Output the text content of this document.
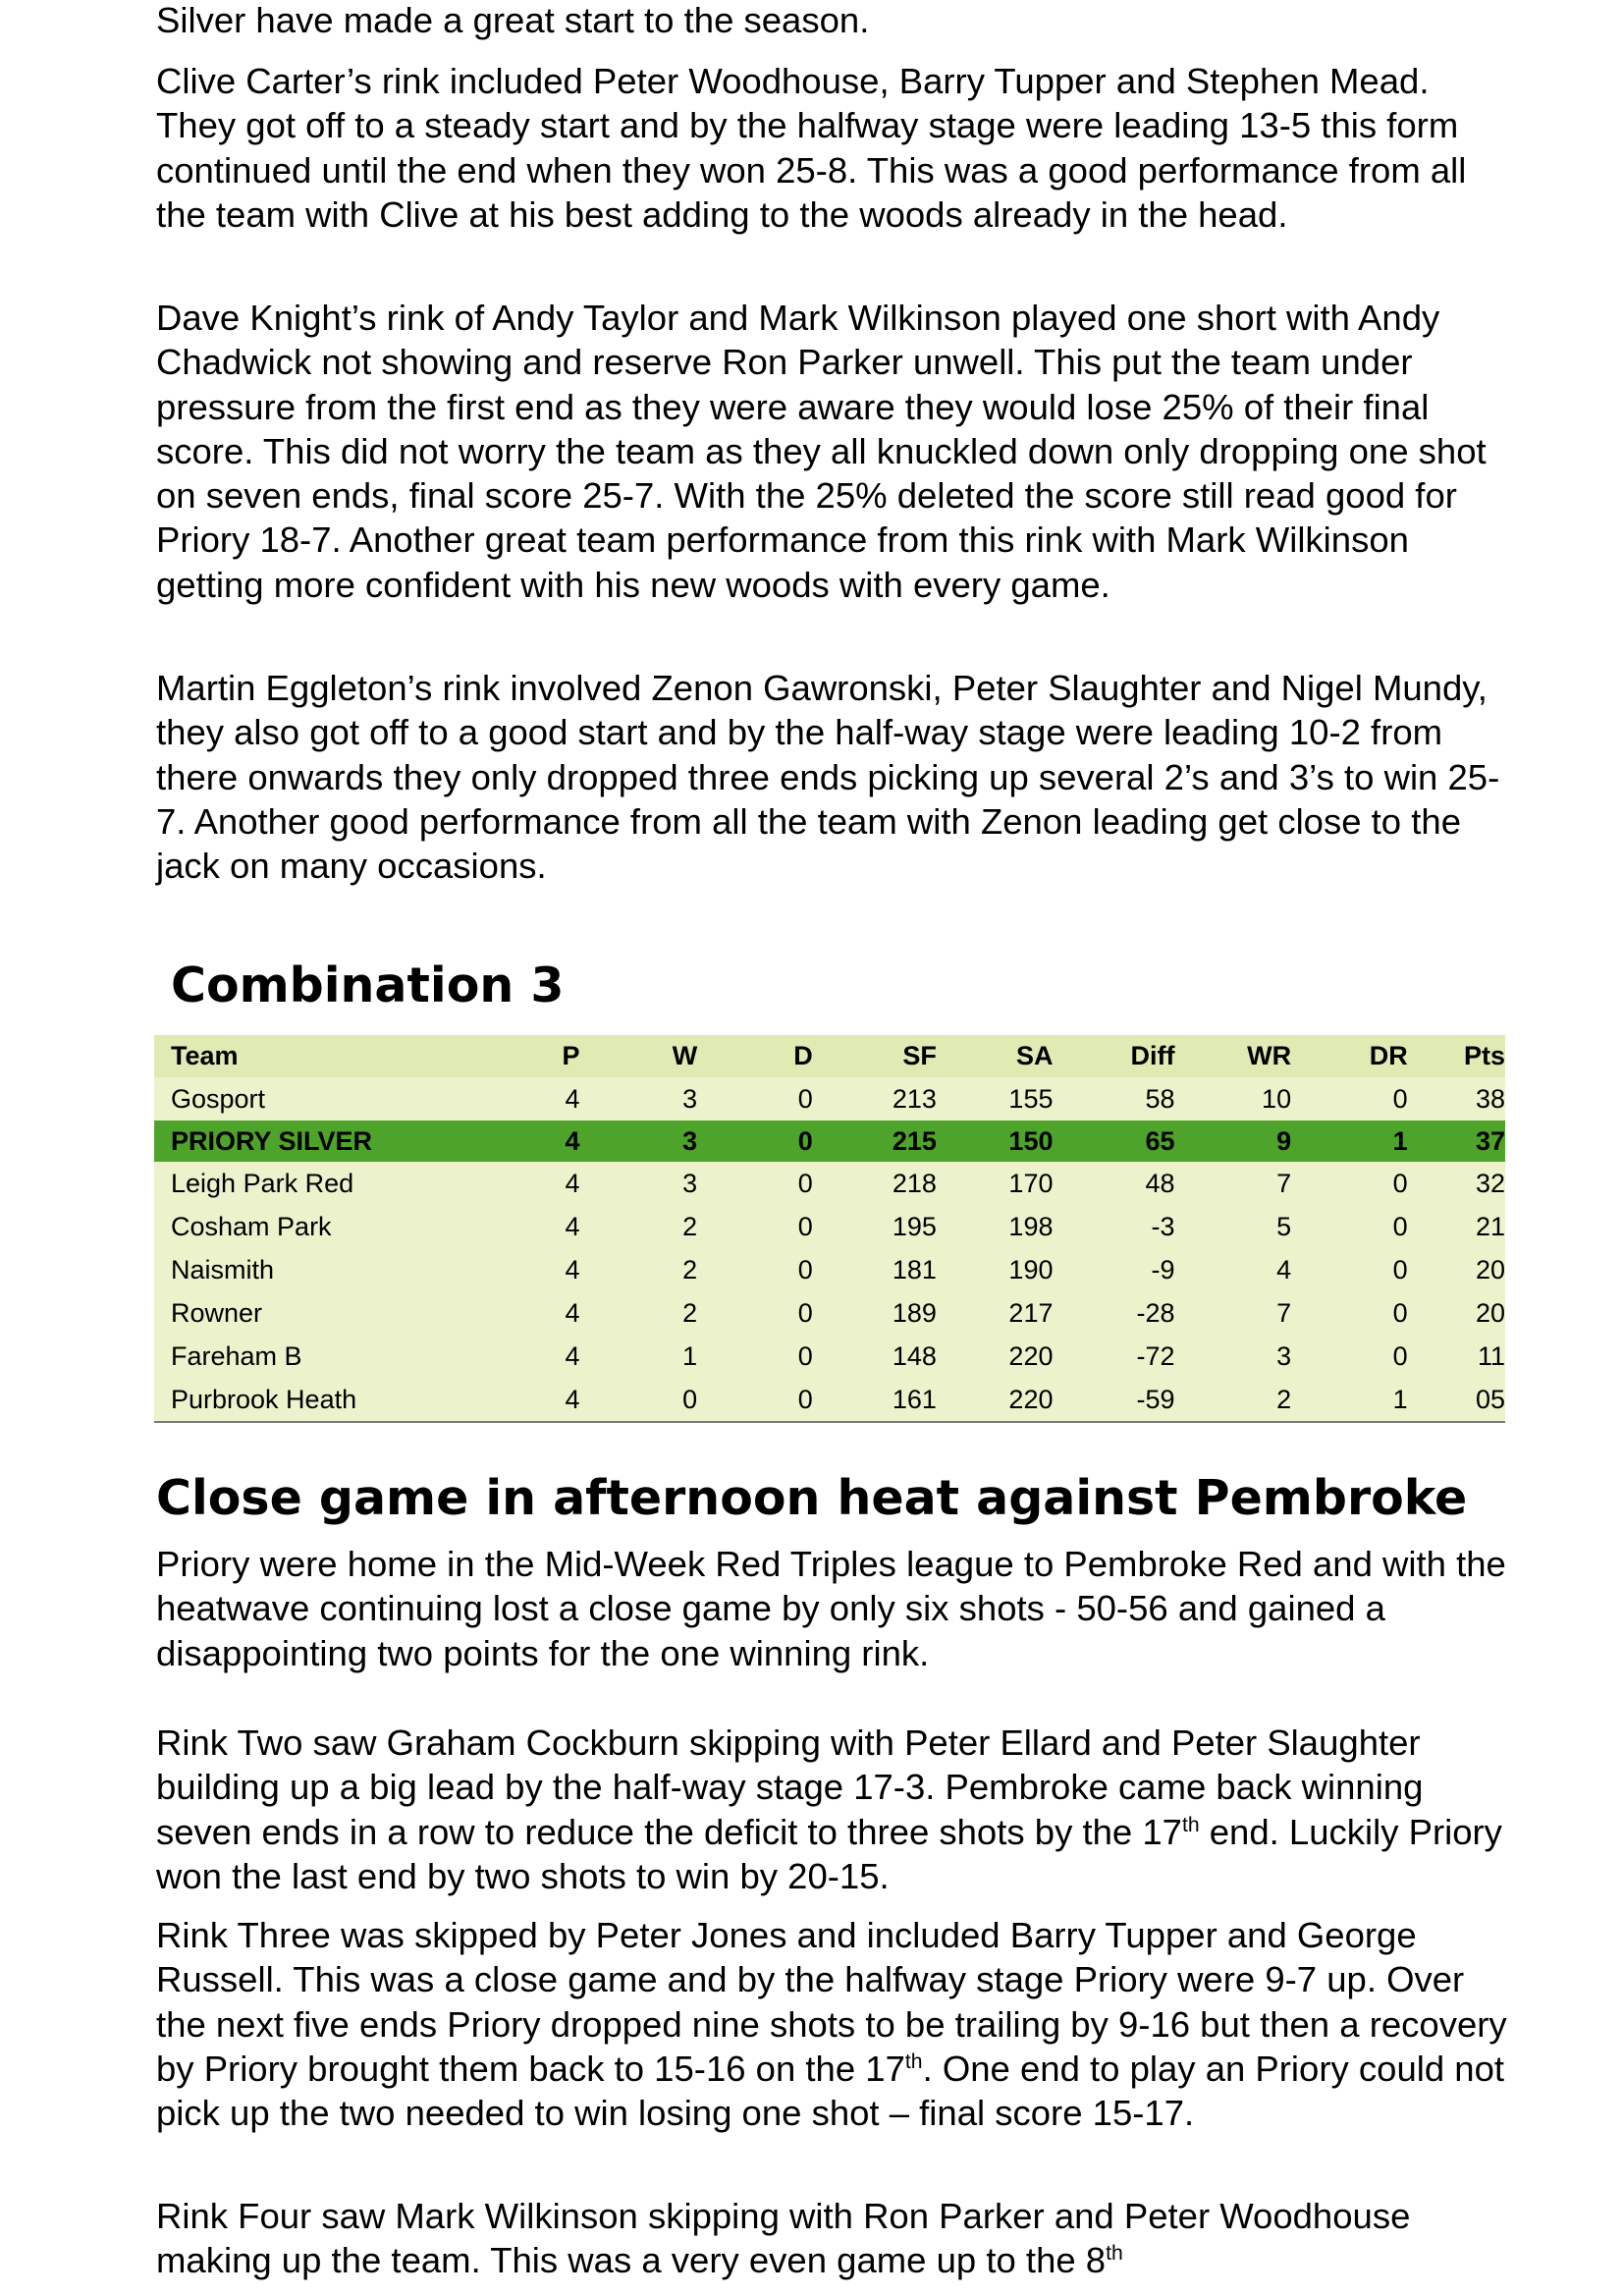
Silver have made a great start to the season.

Clive Carter’s rink included Peter Woodhouse, Barry Tupper and Stephen Mead. They got off to a steady start and by the halfway stage were leading 13-5 this form continued until the end when they won 25-8. This was a good performance from all the team with Clive at his best adding to the woods already in the head.

Dave Knight’s rink of Andy Taylor and Mark Wilkinson played one short with Andy Chadwick not showing and reserve Ron Parker unwell. This put the team under pressure from the first end as they were aware they would lose 25% of their final score. This did not worry the team as they all knuckled down only dropping one shot on seven ends, final score 25-7. With the 25% deleted the score still read good for Priory 18-7. Another great team performance from this rink with Mark Wilkinson getting more confident with his new woods with every game.

Martin Eggleton’s rink involved Zenon Gawronski, Peter Slaughter and Nigel Mundy, they also got off to a good start and by the half-way stage were leading 10-2 from there onwards they only dropped three ends picking up several 2’s and 3’s to win 25-7. Another good performance from all the team with Zenon leading get close to the jack on many occasions.

Combination 3
Team	P	W	D	SF	SA	Diff	WR	DR	Pts
Gosport	4	3	0	213	155	58	10	0	38
PRIORY SILVER	4	3	0	215	150	65	9	1	37
Leigh Park Red	4	3	0	218	170	48	7	0	32
Cosham Park	4	2	0	195	198	-3	5	0	21
Naismith	4	2	0	181	190	-9	4	0	20
Rowner	4	2	0	189	217	-28	7	0	20
Fareham B	4	1	0	148	220	-72	3	0	11
Purbrook Heath	4	0	0	161	220	-59	2	1	05
Close game in afternoon heat against Pembroke

Priory were home in the Mid-Week Red Triples league to Pembroke Red and with the heatwave continuing lost a close game by only six shots - 50-56 and gained a disappointing two points for the one winning rink.

Rink Two saw Graham Cockburn skipping with Peter Ellard and Peter Slaughter building up a big lead by the half-way stage 17-3. Pembroke came back winning seven ends in a row to reduce the deficit to three shots by the 17th end. Luckily Priory won the last end by two shots to win by 20-15.

Rink Three was skipped by Peter Jones and included Barry Tupper and George Russell. This was a close game and by the halfway stage Priory were 9-7 up. Over the next five ends Priory dropped nine shots to be trailing by 9-16 but then a recovery by Priory brought them back to 15-16 on the 17th. One end to play an Priory could not pick up the two needed to win losing one shot – final score 15-17.

Rink Four saw Mark Wilkinson skipping with Ron Parker and Peter Woodhouse making up the team. This was a very even game up to the 8th
